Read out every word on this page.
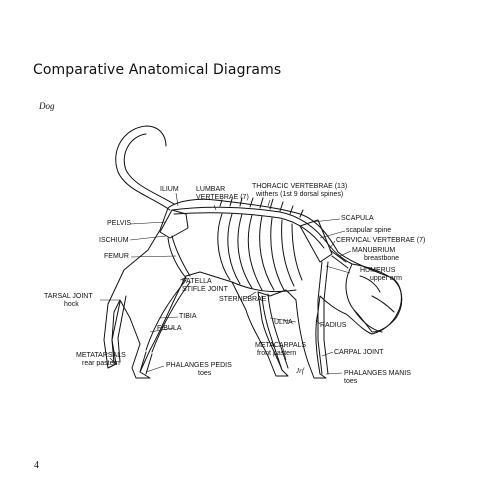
Comparative Anatomical Diagrams
Dog
ILIUM LUMBAR
VERTEBRAE (7)
THORACIC VERTEBRAE (13)
withers (1st 9 dorsal spines)
PELVIS
SCAPULA
scapular spine
ISCHIUM	CERVICAL VERTEBRAE (7)
MANUBRIUM
breastbone
FEMUR
HUMERUS
upper arm
PATELLA
STIFLE JOINT
STERNEBRAE
TARSAL JOINT
hock
TIBIA
ULNA	RADIUS
FIBULA
METACARPALS
front pastern	CARPAL JOINT
METATARSALS
rear pastern	PHALANGES PEDIS
toes	PHALANGES MANIS
toes
Jrf
4
